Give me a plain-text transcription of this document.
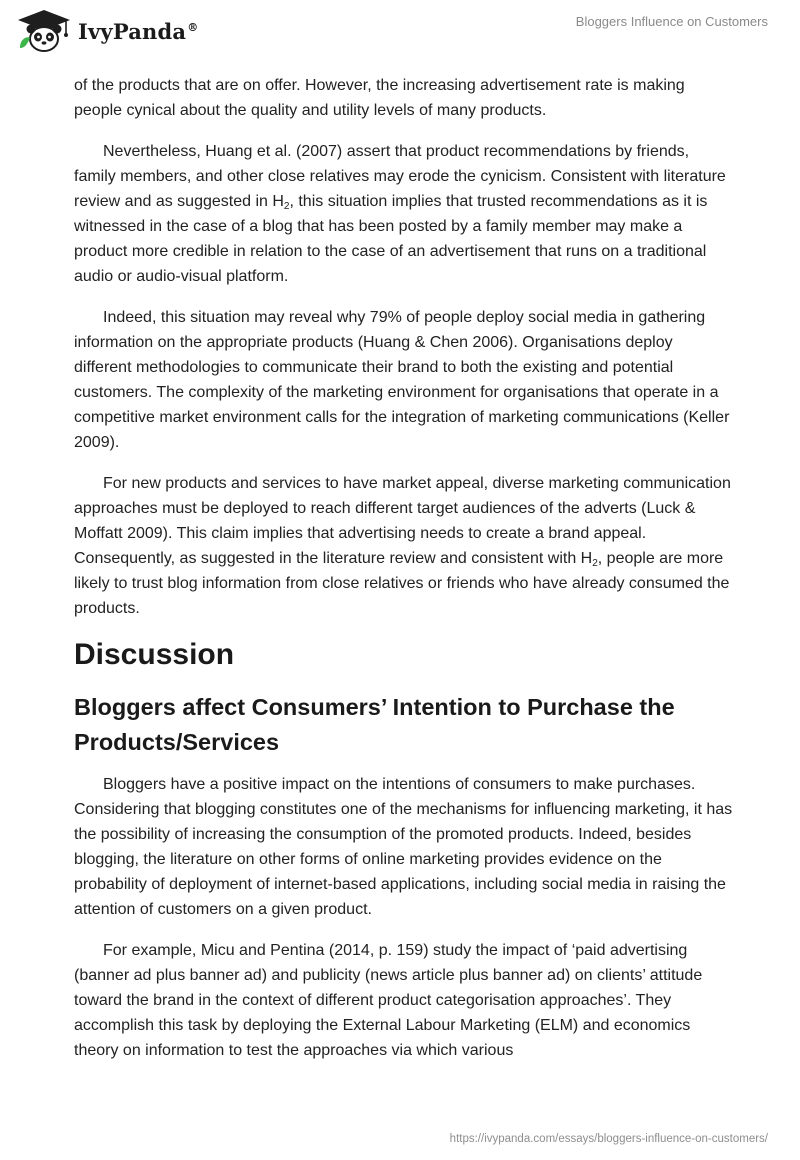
IvyPanda®	Bloggers Influence on Customers

of the products that are on offer. However, the increasing advertisement rate is making people cynical about the quality and utility levels of many products.

Nevertheless, Huang et al. (2007) assert that product recommendations by friends, family members, and other close relatives may erode the cynicism. Consistent with literature review and as suggested in $H_2$, this situation implies that trusted recommendations as it is witnessed in the case of a blog that has been posted by a family member may make a product more credible in relation to the case of an advertisement that runs on a traditional audio or audio-visual platform.

Indeed, this situation may reveal why 79% of people deploy social media in gathering information on the appropriate products (Huang & Chen 2006). Organisations deploy different methodologies to communicate their brand to both the existing and potential customers. The complexity of the marketing environment for organisations that operate in a competitive market environment calls for the integration of marketing communications (Keller 2009).

For new products and services to have market appeal, diverse marketing communication approaches must be deployed to reach different target audiences of the adverts (Luck & Moffatt 2009). This claim implies that advertising needs to create a brand appeal. Consequently, as suggested in the literature review and consistent with $H_2$, people are more likely to trust blog information from close relatives or friends who have already consumed the products.

Discussion
Bloggers affect Consumers’ Intention to Purchase the Products/Services

Bloggers have a positive impact on the intentions of consumers to make purchases. Considering that blogging constitutes one of the mechanisms for influencing marketing, it has the possibility of increasing the consumption of the promoted products. Indeed, besides blogging, the literature on other forms of online marketing provides evidence on the probability of deployment of internet-based applications, including social media in raising the attention of customers on a given product.

For example, Micu and Pentina (2014, p. 159) study the impact of ‘paid advertising (banner ad plus banner ad) and publicity (news article plus banner ad) on clients’ attitude toward the brand in the context of different product categorisation approaches’. They accomplish this task by deploying the External Labour Marketing (ELM) and economics theory on information to test the approaches via which various

https://ivypanda.com/essays/bloggers-influence-on-customers/
